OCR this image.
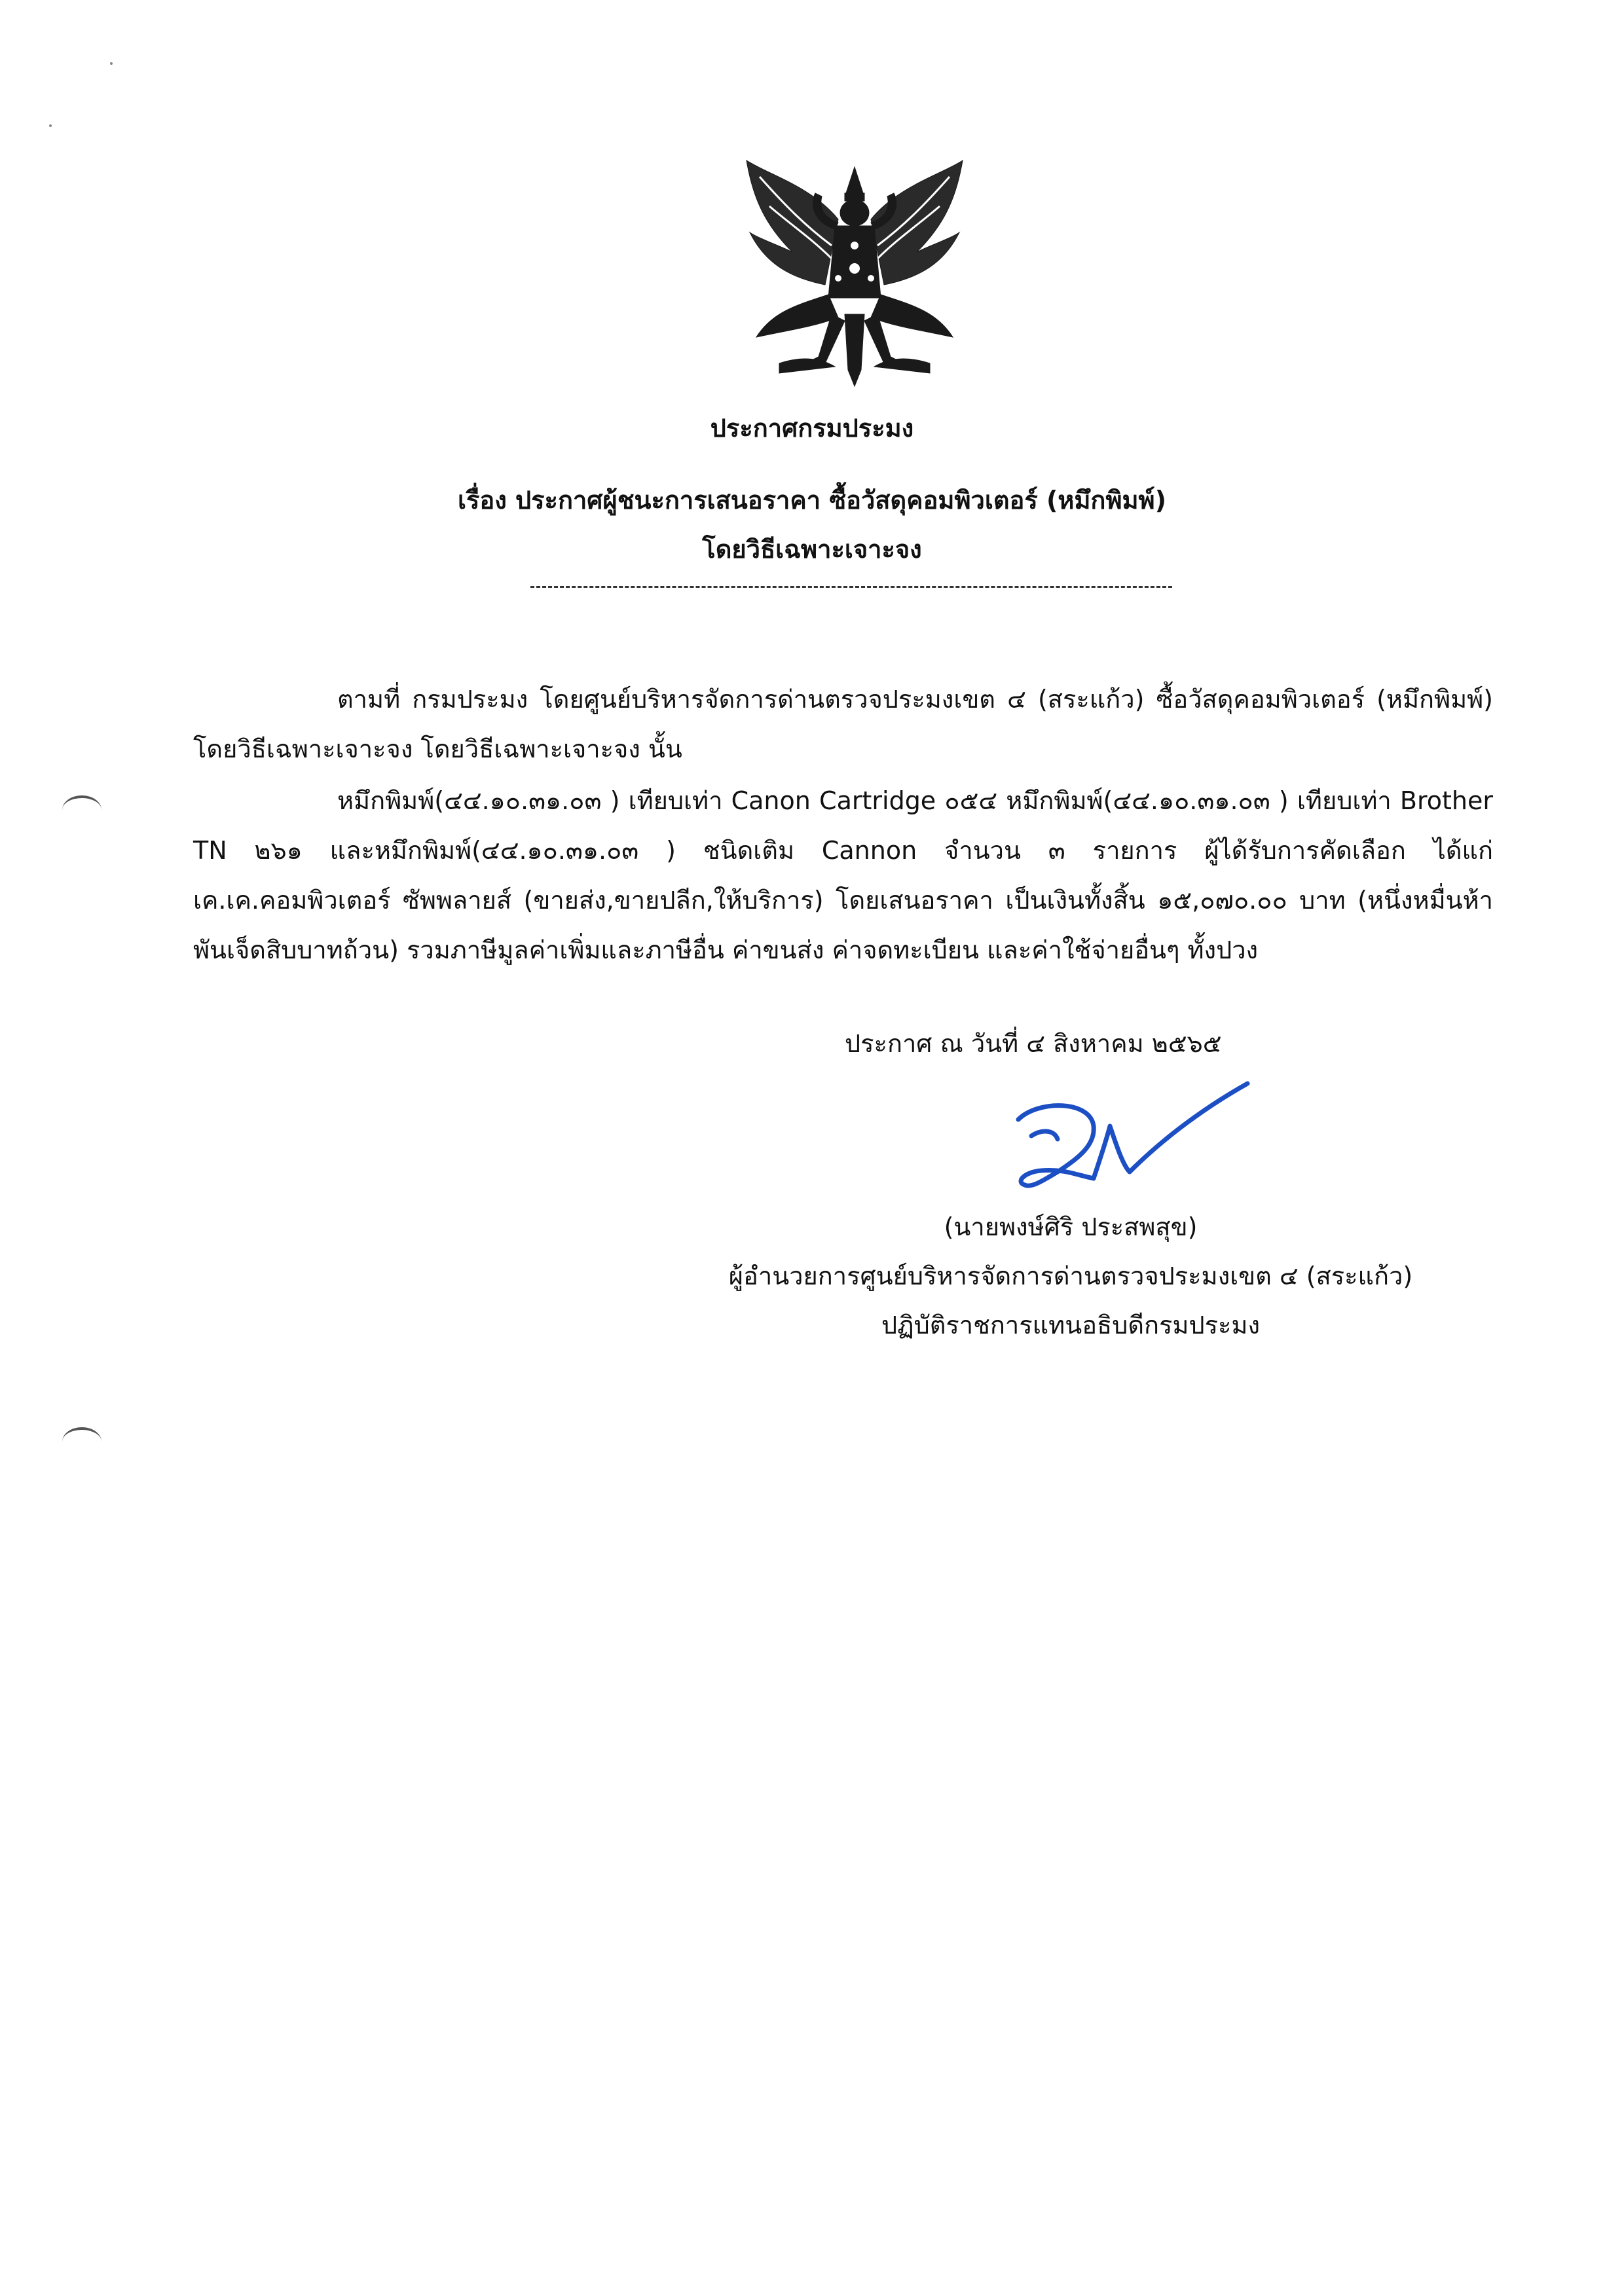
ประกาศกรมประมง
เรื่อง ประกาศผู้ชนะการเสนอราคา ซื้อวัสดุคอมพิวเตอร์ (หมึกพิมพ์)
โดยวิธีเฉพาะเจาะจง
ตามที่ กรมประมง โดยศูนย์บริหารจัดการด่านตรวจประมงเขต ๔ (สระแก้ว) ซื้อวัสดุคอมพิวเตอร์ (หมึกพิมพ์) โดยวิธีเฉพาะเจาะจง โดยวิธีเฉพาะเจาะจง นั้น
หมึกพิมพ์(๔๔.๑๐.๓๑.๐๓ ) เทียบเท่า Canon Cartridge ๐๕๔ หมึกพิมพ์(๔๔.๑๐.๓๑.๐๓ ) เทียบเท่า Brother TN ๒๖๑ และหมึกพิมพ์(๔๔.๑๐.๓๑.๐๓ ) ชนิดเติม Cannon จำนวน ๓ รายการ ผู้ได้รับการคัดเลือก ได้แก่ เค.เค.คอมพิวเตอร์ ซัพพลายส์ (ขายส่ง,ขายปลีก,ให้บริการ) โดยเสนอราคา เป็นเงินทั้งสิ้น ๑๕,๐๗๐.๐๐ บาท (หนึ่งหมื่นห้าพันเจ็ดสิบบาทถ้วน) รวมภาษีมูลค่าเพิ่มและภาษีอื่น ค่าขนส่ง ค่าจดทะเบียน และค่าใช้จ่ายอื่นๆ ทั้งปวง
ประกาศ ณ วันที่ ๔ สิงหาคม ๒๕๖๕
(นายพงษ์ศิริ ประสพสุข)
ผู้อำนวยการศูนย์บริหารจัดการด่านตรวจประมงเขต ๔ (สระแก้ว)
ปฏิบัติราชการแทนอธิบดีกรมประมง
